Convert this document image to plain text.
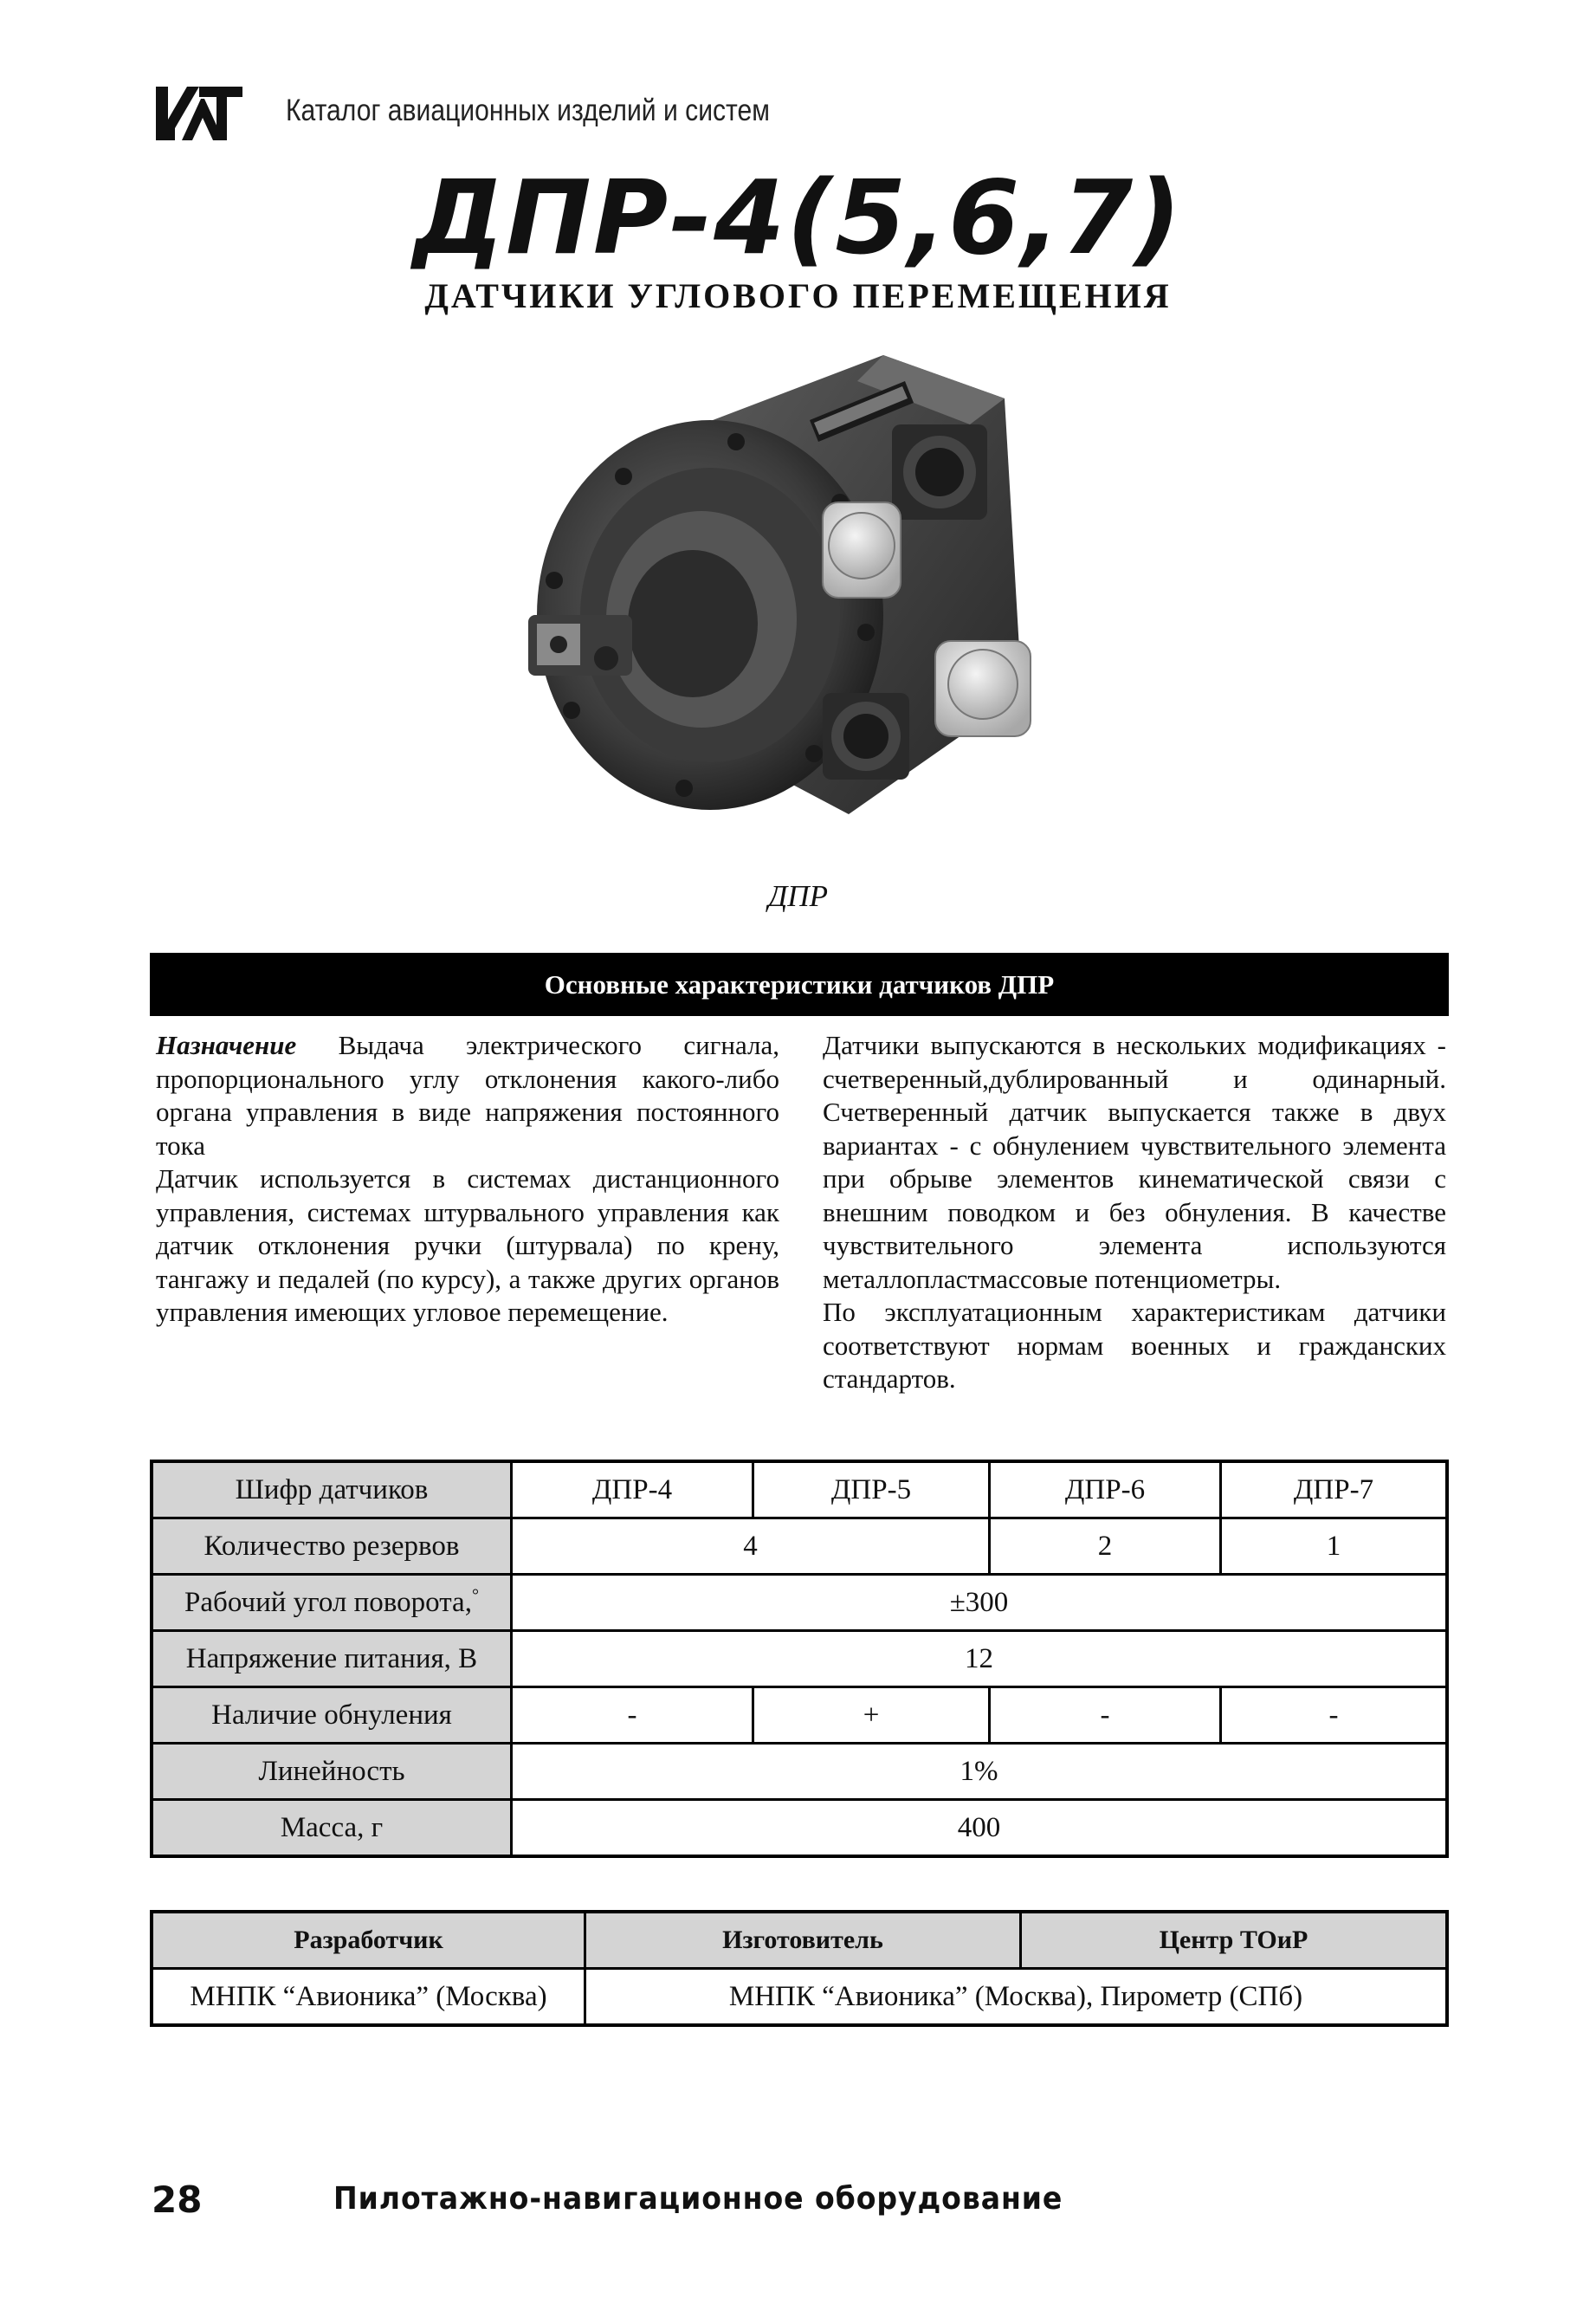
Каталог авиационных изделий и систем
ДПР-4(5,6,7)
ДАТЧИКИ УГЛОВОГО ПЕРЕМЕЩЕНИЯ
ДПР
Основные характеристики датчиков ДПР

Назначение Выдача электрического сигнала, пропорционального углу отклонения какого-либо органа управления в виде напряжения постоянного тока

Датчик используется в системах дистанционного управления, системах штурвального управления как датчик отклонения ручки (штурвала) по крену, тангажу и педалей (по курсу), а также других органов управления имеющих угловое перемещение.

Датчики выпускаются в нескольких модификациях - счетверенный,дублированный и одинарный. Счетверенный датчик выпускается также в двух вариантах - с обнулением чувствительного элемента при обрыве элементов кинематической связи с внешним поводком и без обнуления. В качестве чувствительного элемента используются металлопластмассовые потенциометры.

По эксплуатационным характеристикам датчики соответствуют нормам военных и гражданских стандартов.

Шифр датчиков	ДПР-4	ДПР-5	ДПР-6	ДПР-7
Количество резервов	4		2	1
Рабочий угол поворота,°	±300			
Напряжение питания, В	12			
Наличие обнуления	-	+	-	-
Линейность	1%			
Масса, г	400			
Разработчик	Изготовитель	Центр ТОиР
МНПК “Авионика” (Москва)	МНПК “Авионика” (Москва), Пирометр (СПб)	
28	Пилотажно-навигационное оборудование
